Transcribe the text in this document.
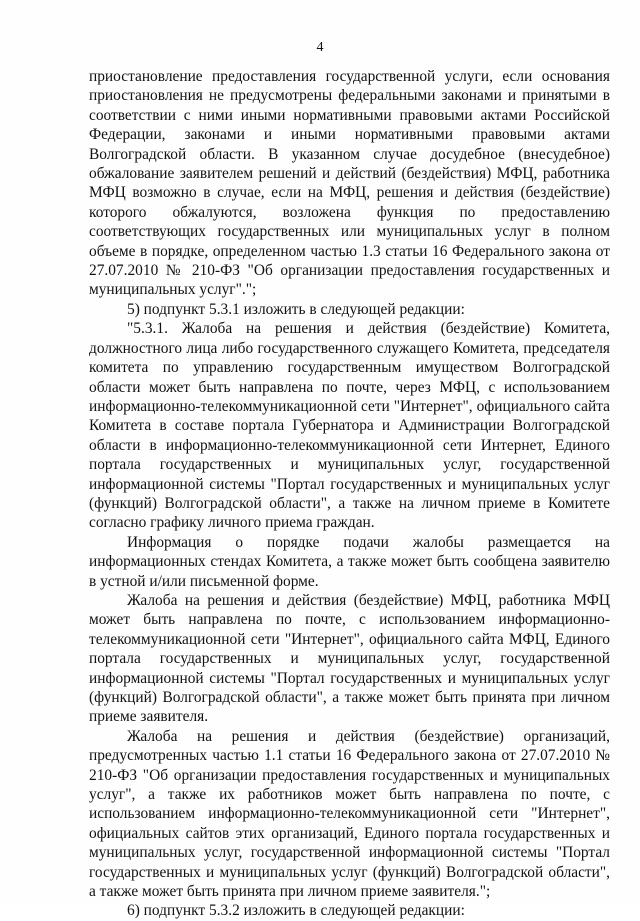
4

приостановление предоставления государственной услуги, если основания приостановления не предусмотрены федеральными законами и принятыми в соответствии с ними иными нормативными правовыми актами Российской Федерации, законами и иными нормативными правовыми актами Волгоградской области. В указанном случае досудебное (внесудебное) обжалование заявителем решений и действий (бездействия) МФЦ, работника МФЦ возможно в случае, если на МФЦ, решения и действия (бездействие) которого обжалуются, возложена функция по предоставлению соответствующих государственных или муниципальных услуг в полном объеме в порядке, определенном частью 1.3 статьи 16 Федерального закона от 27.07.2010 № 210-ФЗ "Об организации предоставления государственных и муниципальных услуг".";

5) подпункт 5.3.1 изложить в следующей редакции:

"5.3.1. Жалоба на решения и действия (бездействие) Комитета, должностного лица либо государственного служащего Комитета, председателя комитета по управлению государственным имуществом Волгоградской области может быть направлена по почте, через МФЦ, с использованием информационно-телекоммуникационной сети "Интернет", официального сайта Комитета в составе портала Губернатора и Администрации Волгоградской области в информационно-телекоммуникационной сети Интернет, Единого портала государственных и муниципальных услуг, государственной информационной системы "Портал государственных и муниципальных услуг (функций) Волгоградской области", а также на личном приеме в Комитете согласно графику личного приема граждан.

Информация о порядке подачи жалобы размещается на информационных стендах Комитета, а также может быть сообщена заявителю в устной и/или письменной форме.

Жалоба на решения и действия (бездействие) МФЦ, работника МФЦ может быть направлена по почте, с использованием информационно-телекоммуникационной сети "Интернет", официального сайта МФЦ, Единого портала государственных и муниципальных услуг, государственной информационной системы "Портал государственных и муниципальных услуг (функций) Волгоградской области", а также может быть принята при личном приеме заявителя.

Жалоба на решения и действия (бездействие) организаций, предусмотренных частью 1.1 статьи 16 Федерального закона от 27.07.2010 № 210-ФЗ "Об организации предоставления государственных и муниципальных услуг", а также их работников может быть направлена по почте, с использованием информационно-телекоммуникационной сети "Интернет", официальных сайтов этих организаций, Единого портала государственных и муниципальных услуг, государственной информационной системы "Портал государственных и муниципальных услуг (функций) Волгоградской области", а также может быть принята при личном приеме заявителя.";

6) подпункт 5.3.2 изложить в следующей редакции:
